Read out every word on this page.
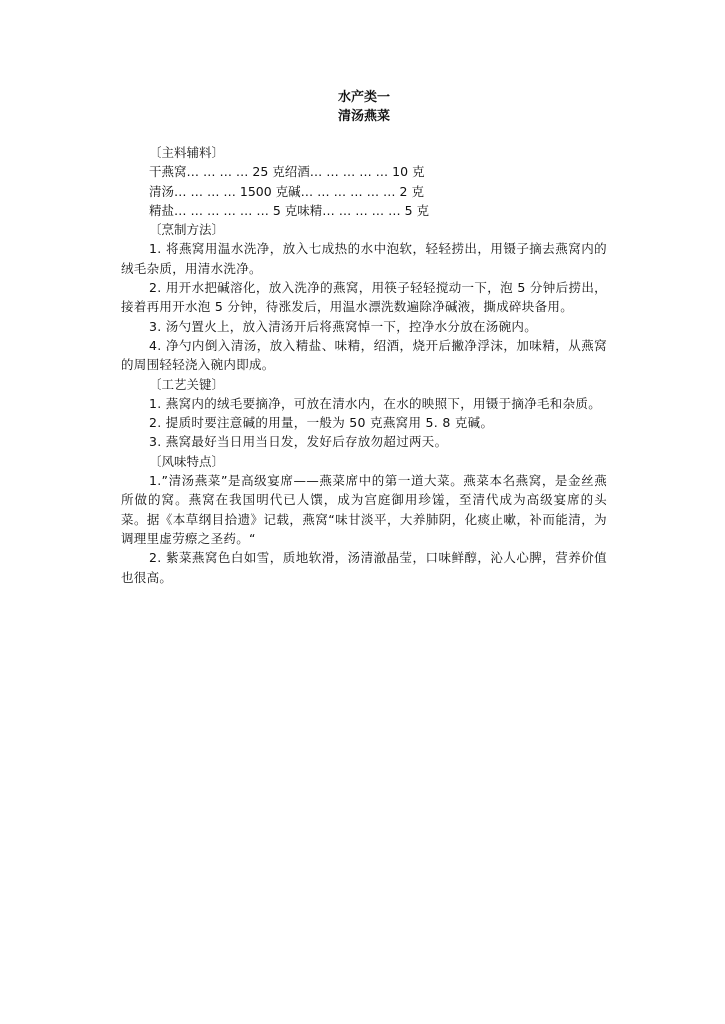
水产类一
清汤燕菜
〔主料辅料〕
干燕窝… … … … 25 克绍酒… … … … … 10 克
清汤… … … … 1500 克碱… … … … … … 2 克
精盐… … … … … … 5 克味精… … … … … 5 克
〔烹制方法〕
1. 将燕窝用温水洗净，放入七成热的水中泡软，轻轻捞出，用镊子摘去燕窝内的绒毛杂质，用清水洗净。
2. 用开水把碱溶化，放入洗净的燕窝，用筷子轻轻搅动一下，泡 5 分钟后捞出，接着再用开水泡 5 分钟，待涨发后，用温水漂洗数遍除净碱液，撕成碎块备用。
3. 汤勺置火上，放入清汤开后将燕窝悼一下，控净水分放在汤碗内。
4. 净勺内倒入清汤，放入精盐、味精，绍酒，烧开后撇净浮沫，加味精，从燕窝的周围轻轻浇入碗内即成。
〔工艺关键〕
1. 燕窝内的绒毛要摘净，可放在清水内，在水的映照下，用镊于摘净毛和杂质。
2. 提质时要注意碱的用量，一般为 50 克燕窝用 5. 8 克碱。
3. 燕窝最好当日用当日发，发好后存放勿超过两天。
〔风味特点〕
1.”清汤燕菜”是高级宴席——燕菜席中的第一道大菜。燕菜本名燕窝，是金丝燕所做的窝。燕窝在我国明代已人馔，成为宫庭御用珍馐，至清代成为高级宴席的头菜。据《本草纲目拾遗》记载，燕窝“味甘淡平，大养肺阴，化痰止嗽，补而能清，为调理里虚劳瘵之圣药。“
2. 紫菜燕窝色白如雪，质地软滑，汤清澈晶莹，口味鲜醇，沁人心脾，营养价值也很高。
